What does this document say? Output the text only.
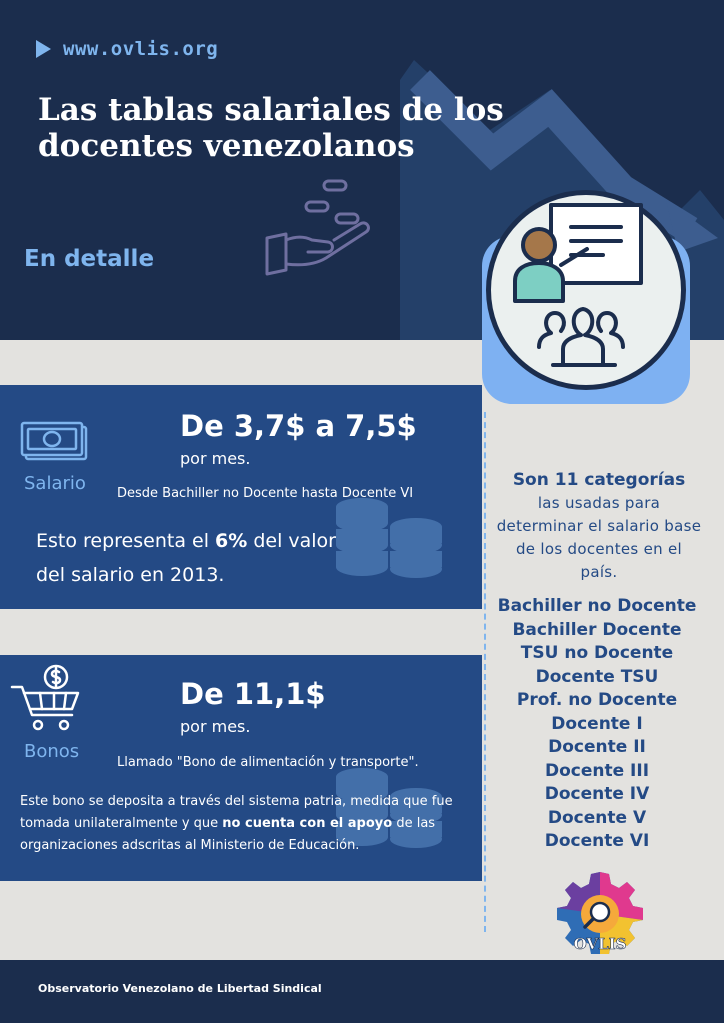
www.ovlis.org
Las tablas salariales de los docentes venezolanos
En detalle
Salario
De 3,7$ a 7,5$
por mes.
Desde Bachiller no Docente hasta Docente VI
Esto representa el 6% del valor del salario en 2013.
Bonos
De 11,1$
por mes.
Llamado "Bono de alimentación y transporte".
Este bono se deposita a través del sistema patria, medida que fue tomada unilateralmente y que no cuenta con el apoyo de las organizaciones adscritas al Ministerio de Educación.
Son 11 categorías
las usadas para determinar el salario base de los docentes en el país.
Bachiller no Docente
Bachiller Docente
TSU no Docente
Docente TSU
Prof. no Docente
Docente I
Docente II
Docente III
Docente IV
Docente V
Docente VI
OVLIS
Observatorio Venezolano de Libertad Sindical
